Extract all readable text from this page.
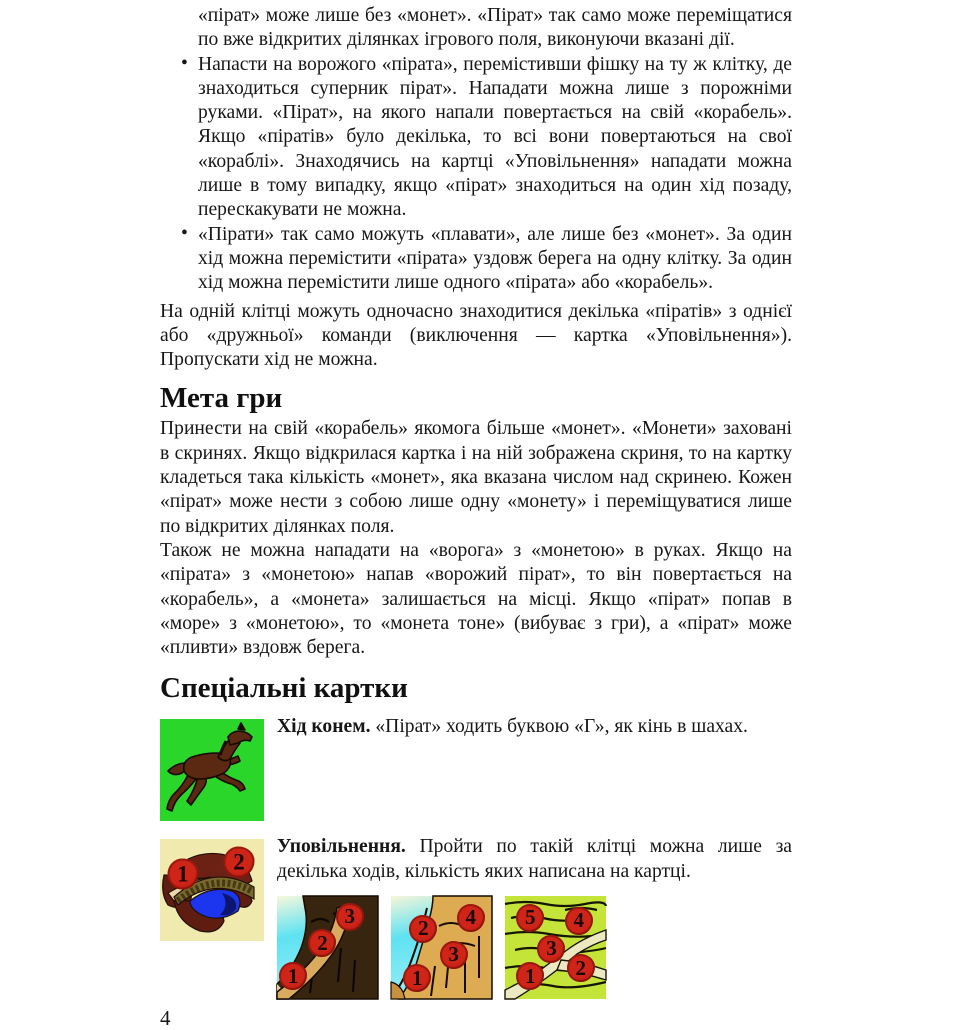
«пірат» може лише без «монет». «Пірат» так само може переміщатися по вже відкритих ділянках ігрового поля, виконуючи вказані дії.
• Напасти на ворожого «пірата», перемістивши фішку на ту ж клітку, де знаходиться суперник пірат». Нападати можна лише з порожніми руками. «Пірат», на якого напали повертається на свій «корабель». Якщо «піратів» було декілька, то всі вони повертаються на свої «кораблі». Знаходячись на картці «Уповільнення» нападати можна лише в тому випадку, якщо «пірат» знаходиться на один хід позаду, перескакувати не можна.
• «Пірати» так само можуть «плавати», але лише без «монет». За один хід можна перемістити «пірата» уздовж берега на одну клітку. За один хід можна перемістити лише одного «пірата» або «корабель».

На одній клітці можуть одночасно знаходитися декілька «піратів» з однієї або «дружньої» команди (виключення — картка «Уповільнення»). Пропускати хід не можна.

Мета гри

Принести на свій «корабель» якомога більше «монет». «Монети» заховані в скринях. Якщо відкрилася картка і на ній зображена скриня, то на картку кладеться така кількість «монет», яка вказана числом над скринею. Кожен «пірат» може нести з собою лише одну «монету» і переміщуватися лише по відкритих ділянках поля.

Також не можна нападати на «ворога» з «монетою» в руках. Якщо на «пірата» з «монетою» напав «ворожий пірат», то він повертається на «корабель», а «монета» залишається на місці. Якщо «пірат» попав в «море» з «монетою», то «монета тоне» (вибуває з гри), а «пірат» може «пливти» вздовж берега.

Спеціальні картки

Хід конем. «Пірат» ходить буквою «Г», як кінь в шахах.

1	2

Уповільнення. Пройти по такій клітці можна лише за декілька ходів, кількість яких написана на картці.

1
2
3
1
2
3
4
1	2
3
4
5
4
